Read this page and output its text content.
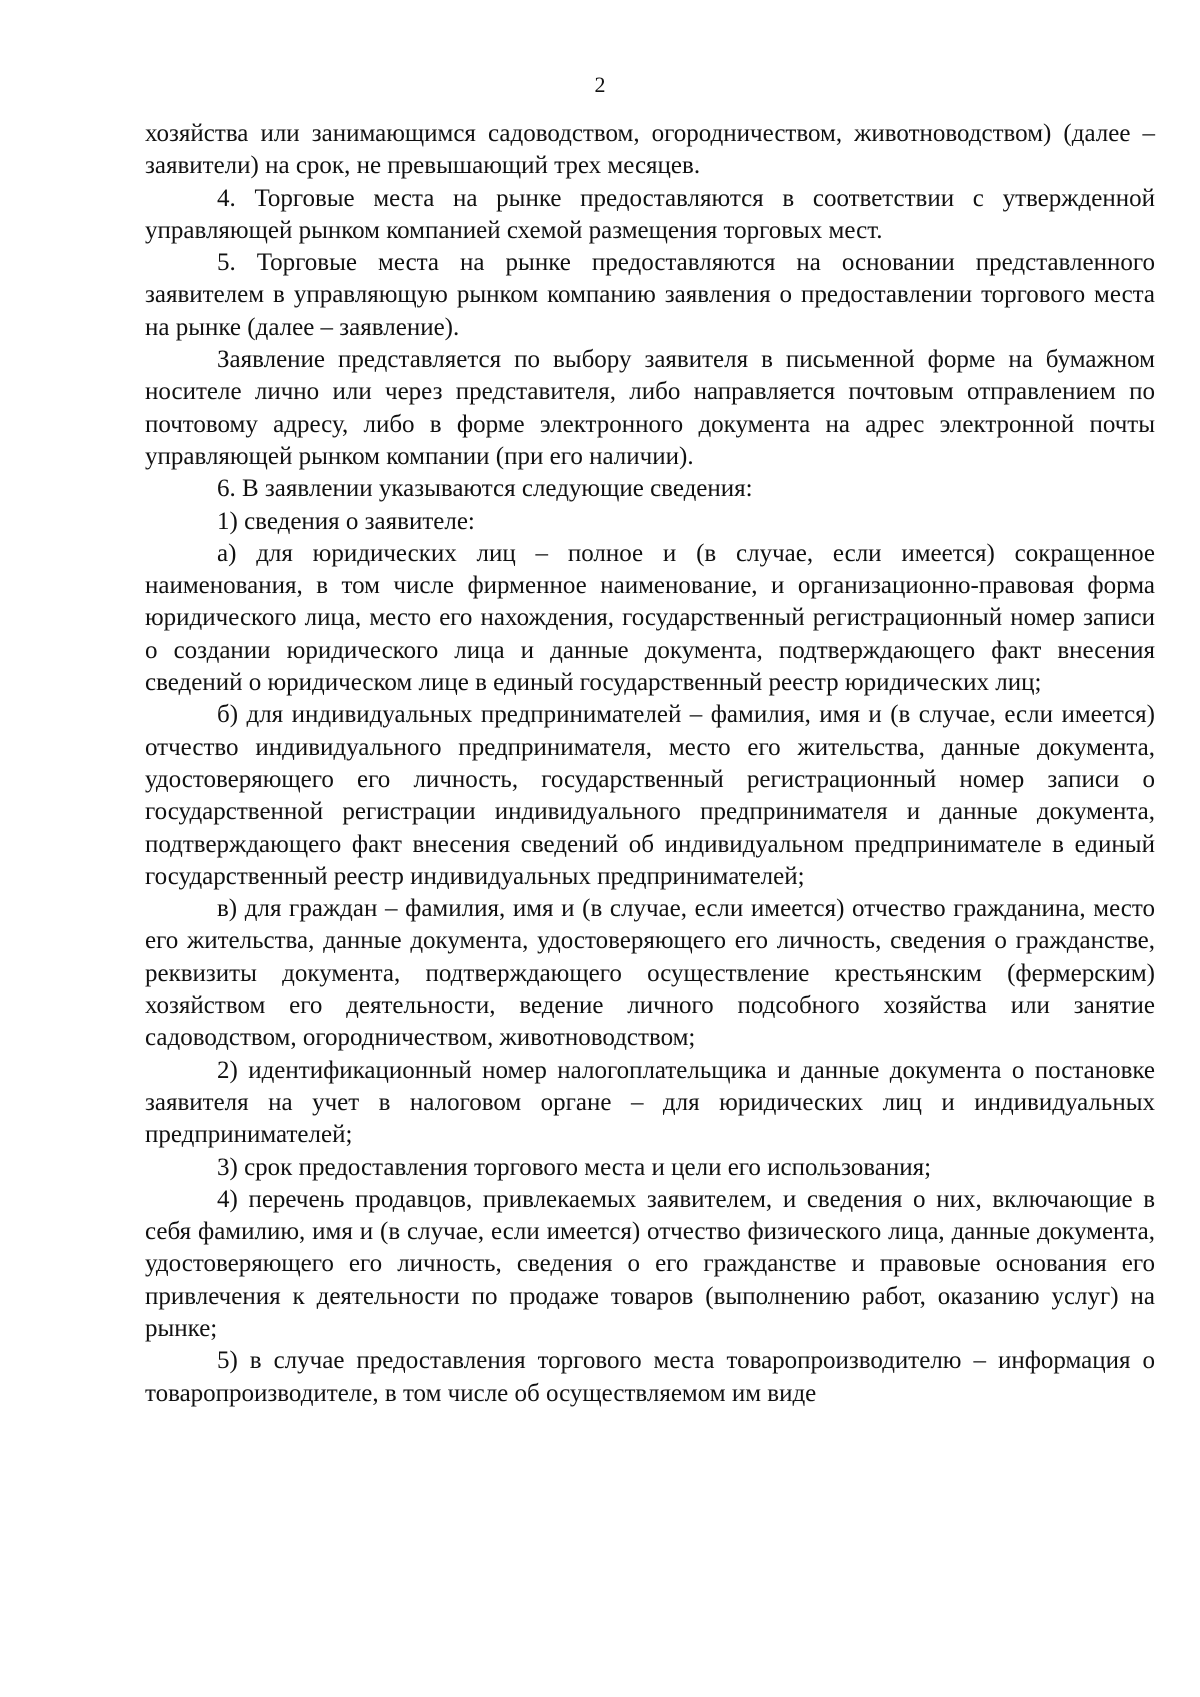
2

хозяйства или занимающимся садоводством, огородничеством, животноводством) (далее – заявители) на срок, не превышающий трех месяцев.

4. Торговые места на рынке предоставляются в соответствии с утвержденной управляющей рынком компанией схемой размещения торговых мест.

5. Торговые места на рынке предоставляются на основании представленного заявителем в управляющую рынком компанию заявления о предоставлении торгового места на рынке (далее – заявление).

Заявление представляется по выбору заявителя в письменной форме на бумажном носителе лично или через представителя, либо направляется почтовым отправлением по почтовому адресу, либо в форме электронного документа на адрес электронной почты управляющей рынком компании (при его наличии).

6. В заявлении указываются следующие сведения:

1) сведения о заявителе:

а) для юридических лиц – полное и (в случае, если имеется) сокращенное наименования, в том числе фирменное наименование, и организационно-правовая форма юридического лица, место его нахождения, государственный регистрационный номер записи о создании юридического лица и данные документа, подтверждающего факт внесения сведений о юридическом лице в единый государственный реестр юридических лиц;

б) для индивидуальных предпринимателей – фамилия, имя и (в случае, если имеется) отчество индивидуального предпринимателя, место его жительства, данные документа, удостоверяющего его личность, государственный регистрационный номер записи о государственной регистрации индивидуального предпринимателя и данные документа, подтверждающего факт внесения сведений об индивидуальном предпринимателе в единый государственный реестр индивидуальных предпринимателей;

в) для граждан – фамилия, имя и (в случае, если имеется) отчество гражданина, место его жительства, данные документа, удостоверяющего его личность, сведения о гражданстве, реквизиты документа, подтверждающего осуществление крестьянским (фермерским) хозяйством его деятельности, ведение личного подсобного хозяйства или занятие садоводством, огородничеством, животноводством;

2) идентификационный номер налогоплательщика и данные документа о постановке заявителя на учет в налоговом органе – для юридических лиц и индивидуальных предпринимателей;

3) срок предоставления торгового места и цели его использования;

4) перечень продавцов, привлекаемых заявителем, и сведения о них, включающие в себя фамилию, имя и (в случае, если имеется) отчество физического лица, данные документа, удостоверяющего его личность, сведения о его гражданстве и правовые основания его привлечения к деятельности по продаже товаров (выполнению работ, оказанию услуг) на рынке;

5) в случае предоставления торгового места товаропроизводителю – информация о товаропроизводителе, в том числе об осуществляемом им виде
